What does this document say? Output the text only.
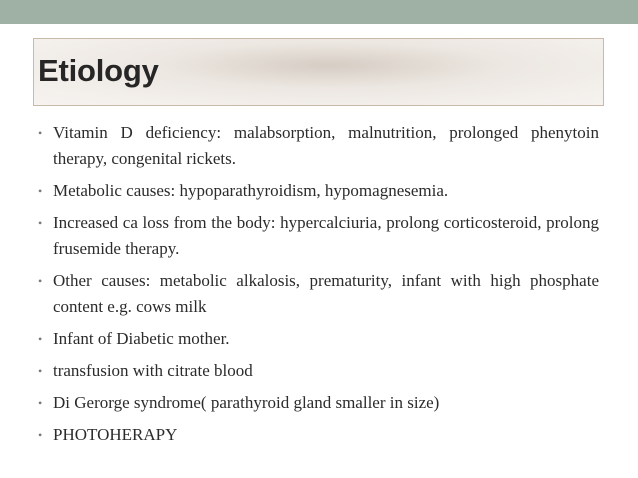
Etiology
• Vitamin D deficiency: malabsorption, malnutrition, prolonged phenytoin therapy, congenital rickets.
• Metabolic causes: hypoparathyroidism, hypomagnesemia.
• Increased ca loss from the body: hypercalciuria, prolong corticosteroid, prolong frusemide therapy.
• Other causes: metabolic alkalosis, prematurity, infant with high phosphate content e.g. cows milk
• Infant of Diabetic mother.
• transfusion with citrate blood
• Di Gerorge syndrome( parathyroid gland smaller in size)
• PHOTOHERAPY
